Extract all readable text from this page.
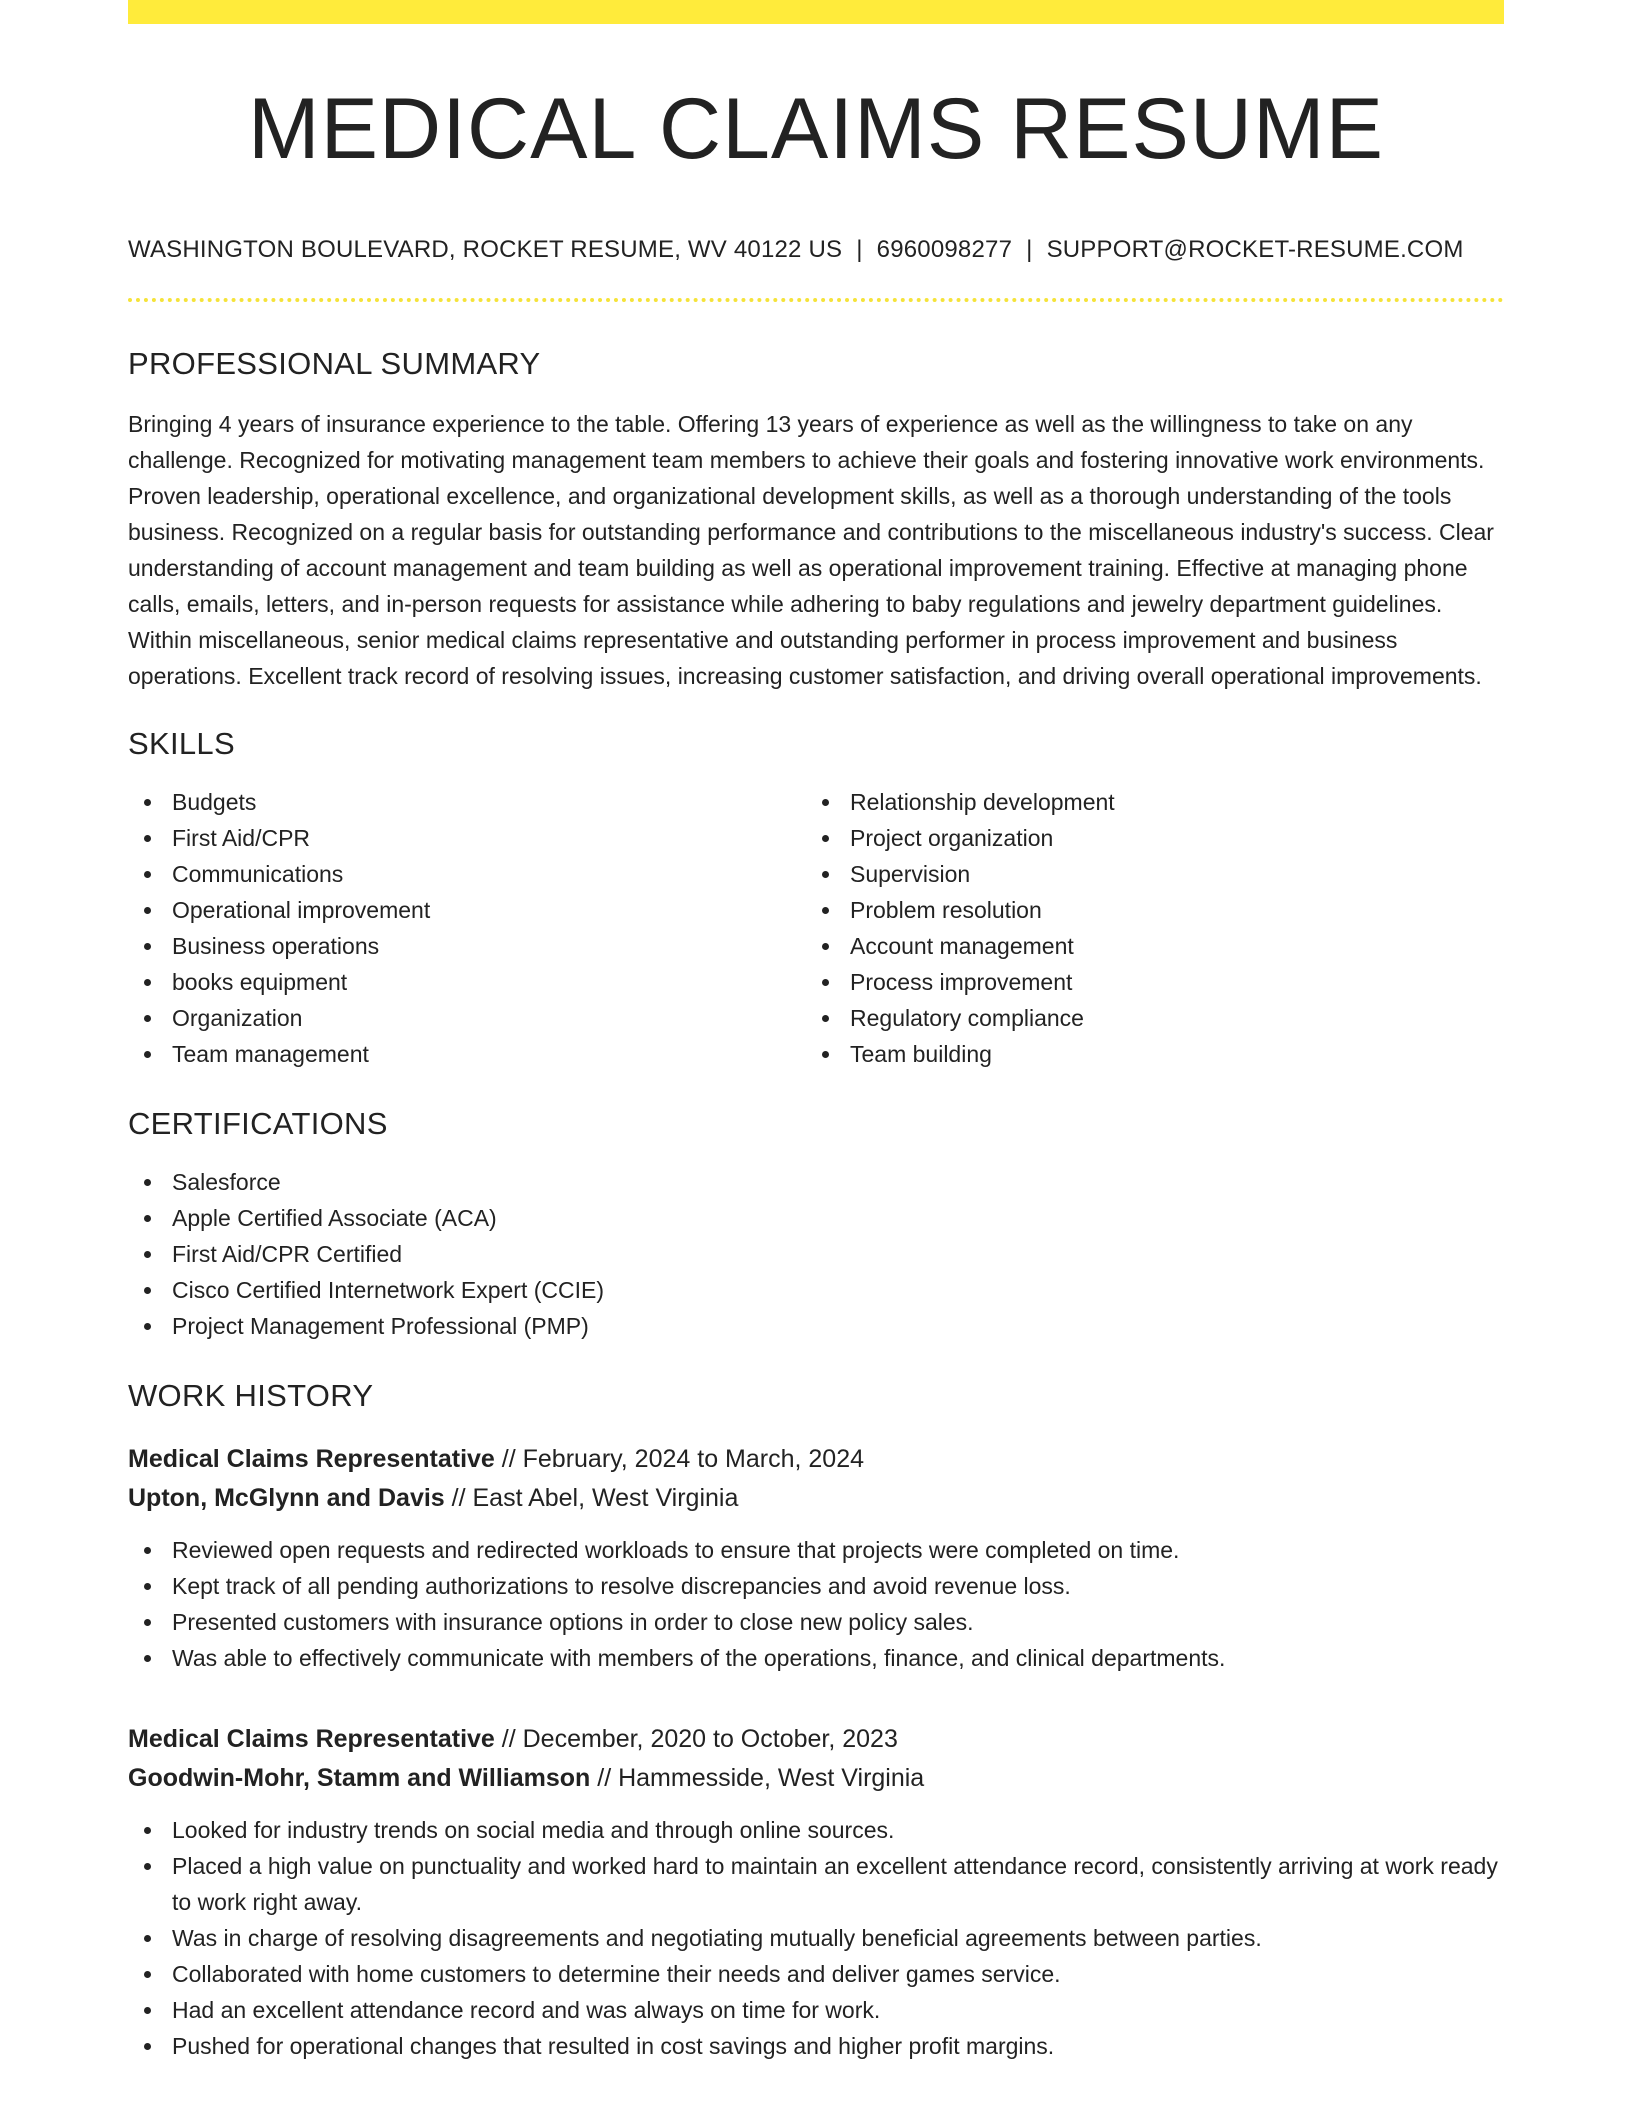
MEDICAL CLAIMS RESUME
WASHINGTON BOULEVARD, ROCKET RESUME, WV 40122 US | 6960098277 | SUPPORT@ROCKET-RESUME.COM
PROFESSIONAL SUMMARY

Bringing 4 years of insurance experience to the table. Offering 13 years of experience as well as the willingness to take on any challenge. Recognized for motivating management team members to achieve their goals and fostering innovative work environments. Proven leadership, operational excellence, and organizational development skills, as well as a thorough understanding of the tools business. Recognized on a regular basis for outstanding performance and contributions to the miscellaneous industry's success. Clear understanding of account management and team building as well as operational improvement training. Effective at managing phone calls, emails, letters, and in-person requests for assistance while adhering to baby regulations and jewelry department guidelines. Within miscellaneous, senior medical claims representative and outstanding performer in process improvement and business operations. Excellent track record of resolving issues, increasing customer satisfaction, and driving overall operational improvements.

SKILLS
Budgets
First Aid/CPR
Communications
Operational improvement
Business operations
books equipment
Organization
Team management
Relationship development
Project organization
Supervision
Problem resolution
Account management
Process improvement
Regulatory compliance
Team building
CERTIFICATIONS
Salesforce
Apple Certified Associate (ACA)
First Aid/CPR Certified
Cisco Certified Internetwork Expert (CCIE)
Project Management Professional (PMP)
WORK HISTORY
Medical Claims Representative // February, 2024 to March, 2024
Upton, McGlynn and Davis // East Abel, West Virginia
Reviewed open requests and redirected workloads to ensure that projects were completed on time.
Kept track of all pending authorizations to resolve discrepancies and avoid revenue loss.
Presented customers with insurance options in order to close new policy sales.
Was able to effectively communicate with members of the operations, finance, and clinical departments.
Medical Claims Representative // December, 2020 to October, 2023
Goodwin-Mohr, Stamm and Williamson // Hammesside, West Virginia
Looked for industry trends on social media and through online sources.
Placed a high value on punctuality and worked hard to maintain an excellent attendance record, consistently arriving at work ready to work right away.
Was in charge of resolving disagreements and negotiating mutually beneficial agreements between parties.
Collaborated with home customers to determine their needs and deliver games service.
Had an excellent attendance record and was always on time for work.
Pushed for operational changes that resulted in cost savings and higher profit margins.
